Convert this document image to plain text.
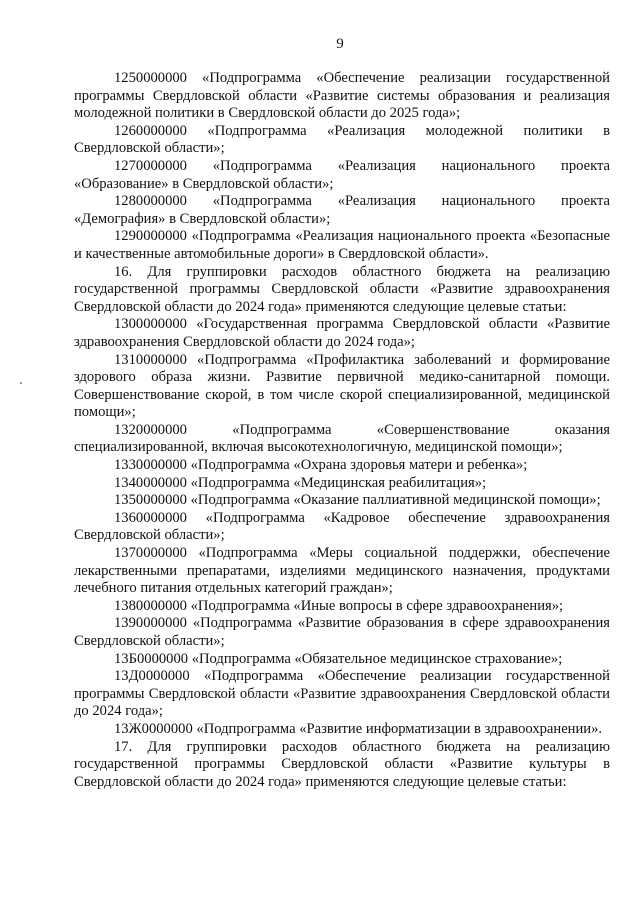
9

1250000000 «Подпрограмма «Обеспечение реализации государственной программы Свердловской области «Развитие системы образования и реализация молодежной политики в Свердловской области до 2025 года»;

1260000000 «Подпрограмма «Реализация молодежной политики в Свердловской области»;

1270000000 «Подпрограмма «Реализация национального проекта «Образование» в Свердловской области»;

1280000000 «Подпрограмма «Реализация национального проекта «Демография» в Свердловской области»;

1290000000 «Подпрограмма «Реализация национального проекта «Безопасные и качественные автомобильные дороги» в Свердловской области».

16. Для группировки расходов областного бюджета на реализацию государственной программы Свердловской области «Развитие здравоохранения Свердловской области до 2024 года» применяются следующие целевые статьи:

1300000000 «Государственная программа Свердловской области «Развитие здравоохранения Свердловской области до 2024 года»;

1310000000 «Подпрограмма «Профилактика заболеваний и формирование здорового образа жизни. Развитие первичной медико-санитарной помощи. Совершенствование скорой, в том числе скорой специализированной, медицинской помощи»;

1320000000 «Подпрограмма «Совершенствование оказания специализированной, включая высокотехнологичную, медицинской помощи»;

1330000000 «Подпрограмма «Охрана здоровья матери и ребенка»;

1340000000 «Подпрограмма «Медицинская реабилитация»;

1350000000 «Подпрограмма «Оказание паллиативной медицинской помощи»;

1360000000 «Подпрограмма «Кадровое обеспечение здравоохранения Свердловской области»;

1370000000 «Подпрограмма «Меры социальной поддержки, обеспечение лекарственными препаратами, изделиями медицинского назначения, продуктами лечебного питания отдельных категорий граждан»;

1380000000 «Подпрограмма «Иные вопросы в сфере здравоохранения»;

1390000000 «Подпрограмма «Развитие образования в сфере здравоохранения Свердловской области»;

13Б0000000 «Подпрограмма «Обязательное медицинское страхование»;

13Д0000000 «Подпрограмма «Обеспечение реализации государственной программы Свердловской области «Развитие здравоохранения Свердловской области до 2024 года»;

13Ж0000000 «Подпрограмма «Развитие информатизации в здравоохранении».

17. Для группировки расходов областного бюджета на реализацию государственной программы Свердловской области «Развитие культуры в Свердловской области до 2024 года» применяются следующие целевые статьи:
